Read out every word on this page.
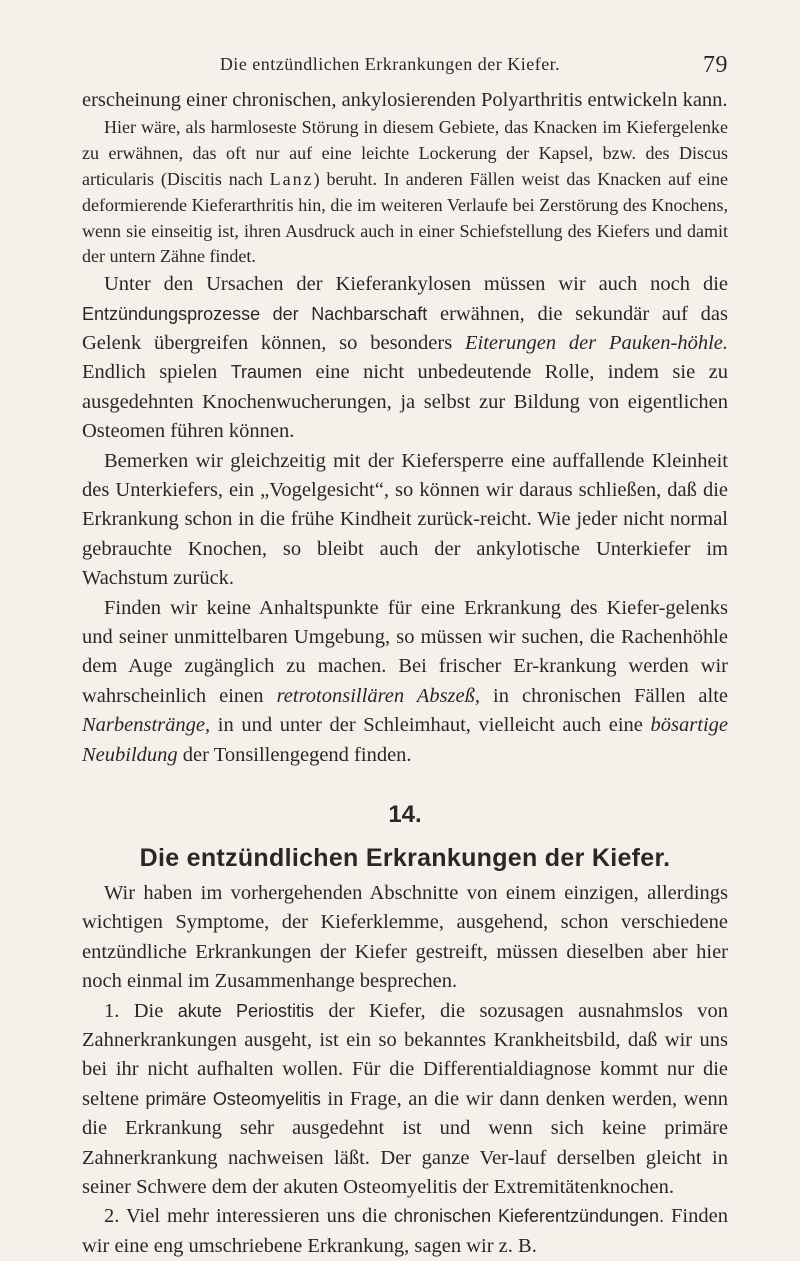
Die entzündlichen Erkrankungen der Kiefer.	79

erscheinung einer chronischen, ankylosierenden Polyarthritis entwickeln kann.

Hier wäre, als harmloseste Störung in diesem Gebiete, das Knacken im Kiefergelenke zu erwähnen, das oft nur auf eine leichte Lockerung der Kapsel, bzw. des Discus articularis (Discitis nach Lanz) beruht. In anderen Fällen weist das Knacken auf eine deformierende Kieferarthritis hin, die im weiteren Verlaufe bei Zerstörung des Knochens, wenn sie einseitig ist, ihren Ausdruck auch in einer Schiefstellung des Kiefers und damit der untern Zähne findet.

Unter den Ursachen der Kieferankylosen müssen wir auch noch die Entzündungsprozesse der Nachbarschaft erwähnen, die sekundär auf das Gelenk übergreifen können, so besonders Eiterungen der Pauken-höhle. Endlich spielen Traumen eine nicht unbedeutende Rolle, indem sie zu ausgedehnten Knochenwucherungen, ja selbst zur Bildung von eigentlichen Osteomen führen können.

Bemerken wir gleichzeitig mit der Kiefersperre eine auffallende Kleinheit des Unterkiefers, ein „Vogelgesicht“, so können wir daraus schließen, daß die Erkrankung schon in die frühe Kindheit zurück-reicht. Wie jeder nicht normal gebrauchte Knochen, so bleibt auch der ankylotische Unterkiefer im Wachstum zurück.

Finden wir keine Anhaltspunkte für eine Erkrankung des Kiefer-gelenks und seiner unmittelbaren Umgebung, so müssen wir suchen, die Rachenhöhle dem Auge zugänglich zu machen. Bei frischer Er-krankung werden wir wahrscheinlich einen retrotonsillären Abszeß, in chronischen Fällen alte Narbenstränge, in und unter der Schleimhaut, vielleicht auch eine bösartige Neubildung der Tonsillengegend finden.

14.
Die entzündlichen Erkrankungen der Kiefer.

Wir haben im vorhergehenden Abschnitte von einem einzigen, allerdings wichtigen Symptome, der Kieferklemme, ausgehend, schon verschiedene entzündliche Erkrankungen der Kiefer gestreift, müssen dieselben aber hier noch einmal im Zusammenhange besprechen.

1. Die akute Periostitis der Kiefer, die sozusagen ausnahmslos von Zahnerkrankungen ausgeht, ist ein so bekanntes Krankheitsbild, daß wir uns bei ihr nicht aufhalten wollen. Für die Differentialdiagnose kommt nur die seltene primäre Osteomyelitis in Frage, an die wir dann denken werden, wenn die Erkrankung sehr ausgedehnt ist und wenn sich keine primäre Zahnerkrankung nachweisen läßt. Der ganze Ver-lauf derselben gleicht in seiner Schwere dem der akuten Osteomyelitis der Extremitätenknochen.

2. Viel mehr interessieren uns die chronischen Kieferentzündungen. Finden wir eine eng umschriebene Erkrankung, sagen wir z. B.
